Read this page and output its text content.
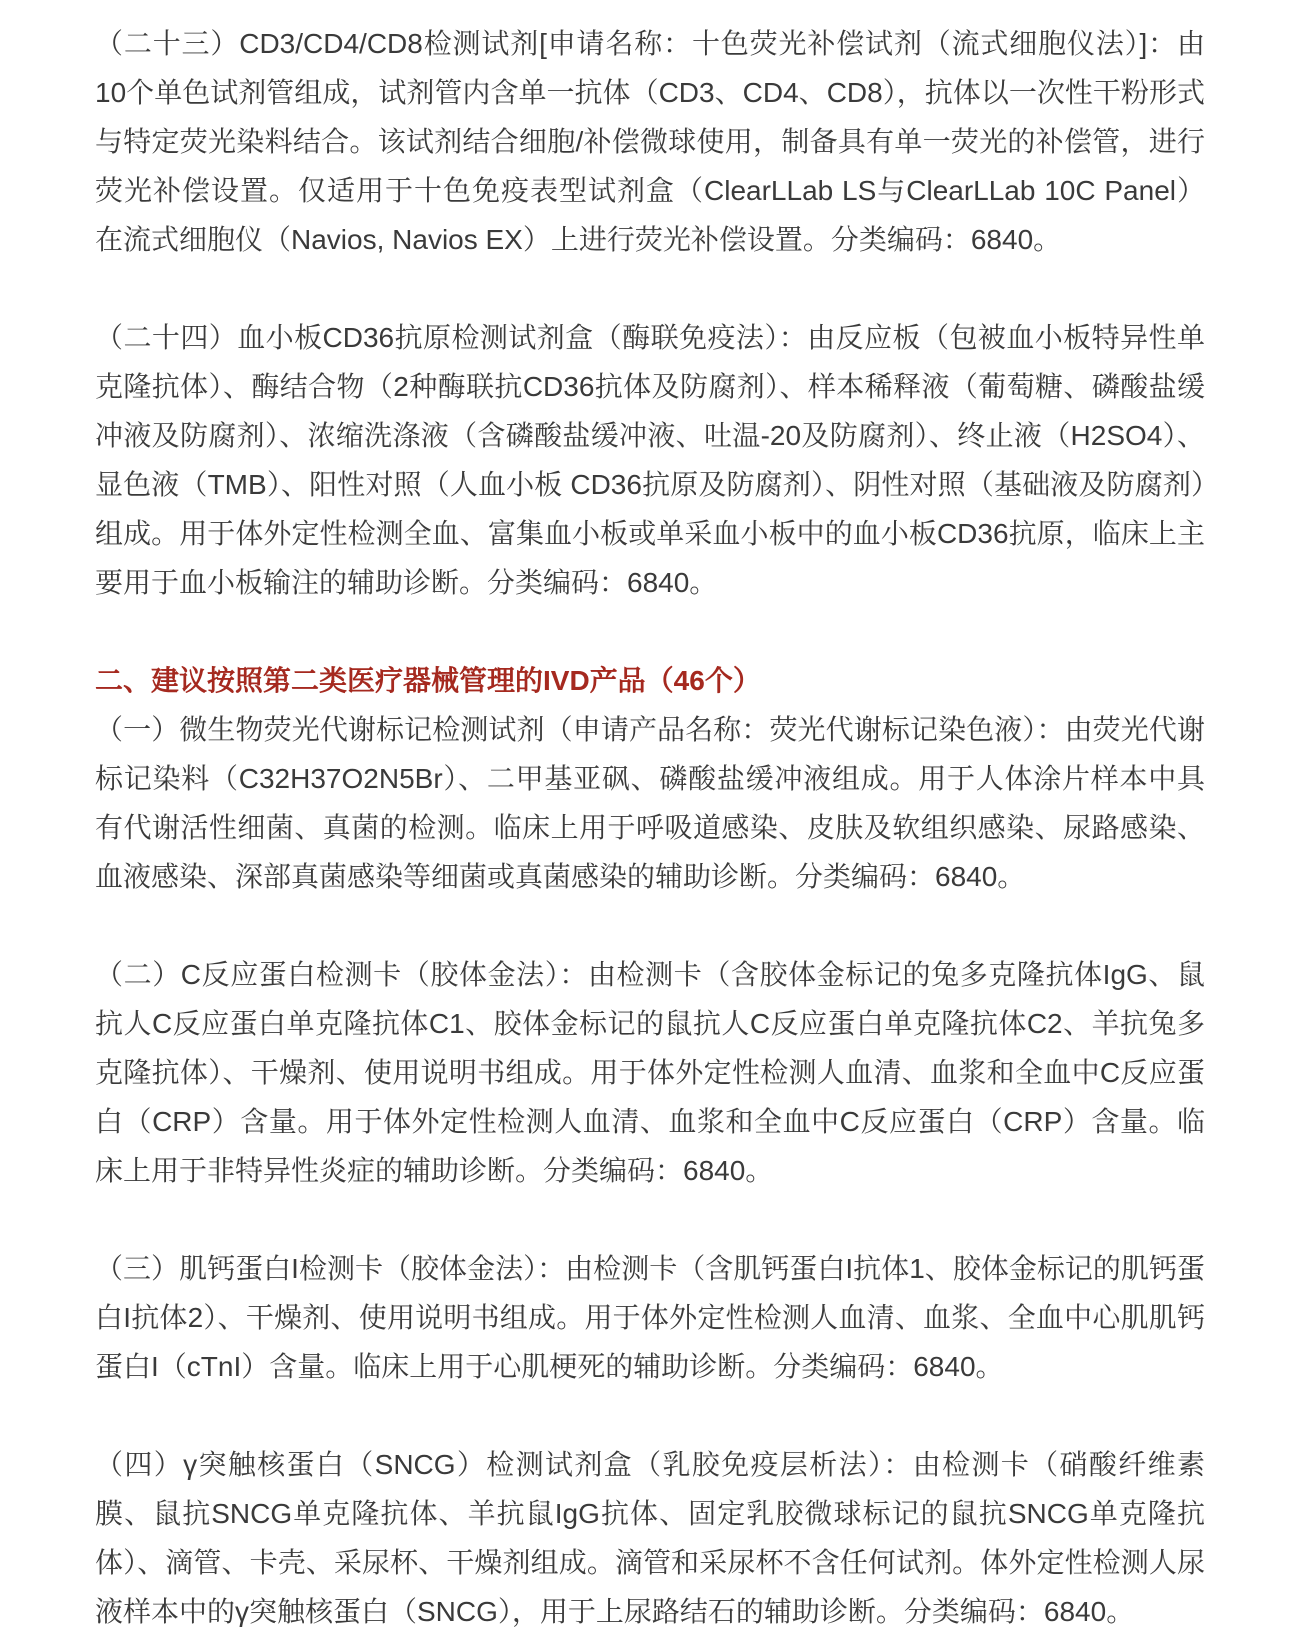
（二十三）CD3/CD4/CD8检测试剂[申请名称：十色荧光补偿试剂（流式细胞仪法）]：由10个单色试剂管组成，试剂管内含单一抗体（CD3、CD4、CD8），抗体以一次性干粉形式与特定荧光染料结合。该试剂结合细胞/补偿微球使用，制备具有单一荧光的补偿管，进行荧光补偿设置。仅适用于十色免疫表型试剂盒（ClearLLab LS与ClearLLab 10C Panel）在流式细胞仪（Navios, Navios EX）上进行荧光补偿设置。分类编码：6840。

（二十四）血小板CD36抗原检测试剂盒（酶联免疫法）：由反应板（包被血小板特异性单克隆抗体）、酶结合物（2种酶联抗CD36抗体及防腐剂）、样本稀释液（葡萄糖、磷酸盐缓冲液及防腐剂）、浓缩洗涤液（含磷酸盐缓冲液、吐温-20及防腐剂）、终止液（H2SO4）、显色液（TMB）、阳性对照（人血小板 CD36抗原及防腐剂）、阴性对照（基础液及防腐剂）组成。用于体外定性检测全血、富集血小板或单采血小板中的血小板CD36抗原，临床上主要用于血小板输注的辅助诊断。分类编码：6840。

二、建议按照第二类医疗器械管理的IVD产品（46个）

（一）微生物荧光代谢标记检测试剂（申请产品名称：荧光代谢标记染色液）：由荧光代谢标记染料（C32H37O2N5Br）、二甲基亚砜、磷酸盐缓冲液组成。用于人体涂片样本中具有代谢活性细菌、真菌的检测。临床上用于呼吸道感染、皮肤及软组织感染、尿路感染、血液感染、深部真菌感染等细菌或真菌感染的辅助诊断。分类编码：6840。

（二）C反应蛋白检测卡（胶体金法）：由检测卡（含胶体金标记的兔多克隆抗体IgG、鼠抗人C反应蛋白单克隆抗体C1、胶体金标记的鼠抗人C反应蛋白单克隆抗体C2、羊抗兔多克隆抗体）、干燥剂、使用说明书组成。用于体外定性检测人血清、血浆和全血中C反应蛋白（CRP）含量。用于体外定性检测人血清、血浆和全血中C反应蛋白（CRP）含量。临床上用于非特异性炎症的辅助诊断。分类编码：6840。

（三）肌钙蛋白I检测卡（胶体金法）：由检测卡（含肌钙蛋白I抗体1、胶体金标记的肌钙蛋白I抗体2）、干燥剂、使用说明书组成。用于体外定性检测人血清、血浆、全血中心肌肌钙蛋白I（cTnI）含量。临床上用于心肌梗死的辅助诊断。分类编码：6840。

（四）γ突触核蛋白（SNCG）检测试剂盒（乳胶免疫层析法）：由检测卡（硝酸纤维素膜、鼠抗SNCG单克隆抗体、羊抗鼠IgG抗体、固定乳胶微球标记的鼠抗SNCG单克隆抗体）、滴管、卡壳、采尿杯、干燥剂组成。滴管和采尿杯不含任何试剂。体外定性检测人尿液样本中的γ突触核蛋白（SNCG），用于上尿路结石的辅助诊断。分类编码：6840。
